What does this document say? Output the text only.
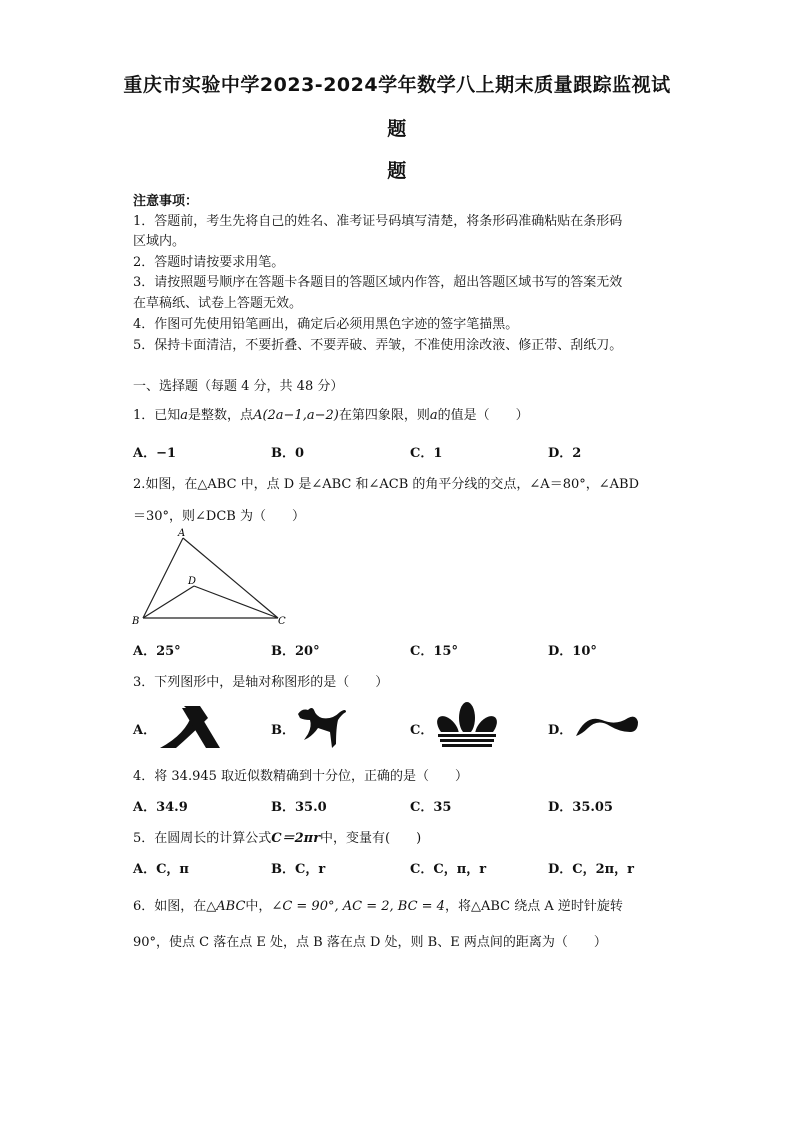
重庆市实验中学2023-2024学年数学八上期末质量跟踪监视试
题
题
注意事项：
1．答题前，考生先将自己的姓名、准考证号码填写清楚，将条形码准确粘贴在条形码
区域内。
2．答题时请按要求用笔。
3．请按照题号顺序在答题卡各题目的答题区域内作答，超出答题区域书写的答案无效
在草稿纸、试卷上答题无效。
4．作图可先使用铅笔画出，确定后必须用黑色字迹的签字笔描黑。
5．保持卡面清洁，不要折叠、不要弄破、弄皱，不准使用涂改液、修正带、刮纸刀。
一、选择题（每题 4 分，共 48 分）
1．已知a是整数，点A(2a−1,a−2)在第四象限，则a的值是（　　）
A．−1	B．0	C．1	D．2
2.如图，在△ABC 中，点 D 是∠ABC 和∠ACB 的角平分线的交点，∠A＝80°，∠ABD
＝30°，则∠DCB 为（　　）
A
B	C
D
A．25°	B．20°	C．15°	D．10°
3．下列图形中，是轴对称图形的是（　　）
A．	B．	C．	D．
4．将 34.945 取近似数精确到十分位，正确的是（　　）
A．34.9	B．35.0	C．35	D．35.05
5．在圆周长的计算公式C＝2πr中，变量有(　　)
A．C，π	B．C，r	C．C，π，r	D．C，2π，r
6．如图，在△ABC中，∠C = 90°, AC = 2, BC = 4，将△ABC 绕点 A 逆时针旋转
90°，使点 C 落在点 E 处，点 B 落在点 D 处，则 B、E 两点间的距离为（　　）
